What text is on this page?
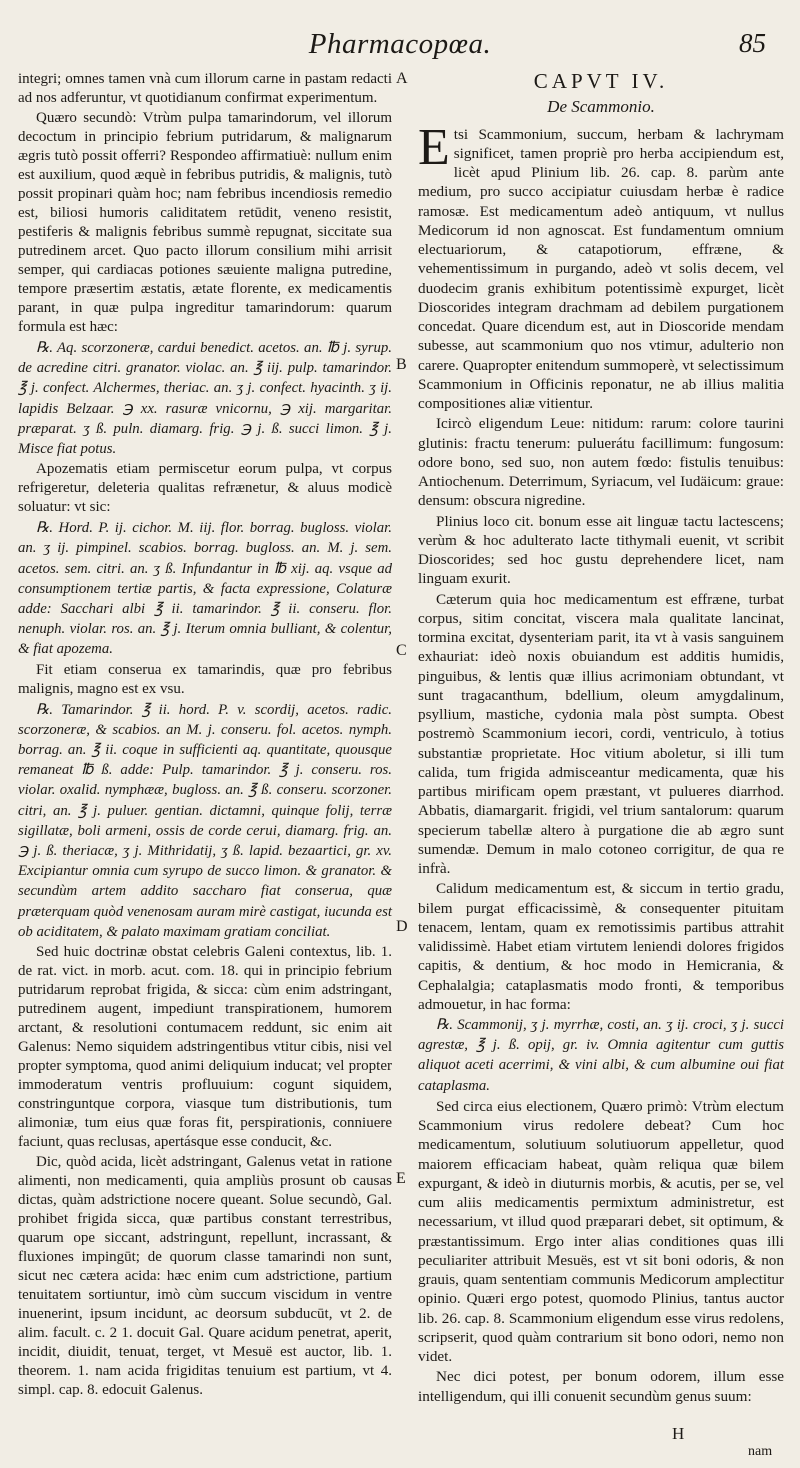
Pharmacopœa.	85
A
B
C
D
E

integri; omnes tamen vnà cum illorum carne in pastam redacti ad nos adferuntur, vt quotidianum confirmat experimentum.

Quæro secundò: Vtrùm pulpa tamarindorum, vel illorum decoctum in principio febrium putridarum, & malignarum ægris tutò possit offerri? Respondeo affirmatiuè: nullum enim est auxilium, quod æquè in febribus putridis, & malignis, tutò possit propinari quàm hoc; nam febribus incendiosis remedio est, biliosi humoris caliditatem retūdit, veneno resistit, pestiferis & malignis febribus summè repugnat, siccitate sua putredinem arcet. Quo pacto illorum consilium mihi arrisit semper, qui cardiacas potiones sæuiente maligna putredine, tempore præsertim æstatis, ætate florente, ex medicamentis parant, in quæ pulpa ingreditur tamarindorum: quarum formula est hæc:

℞. Aq. scorzoneræ, cardui benedict. acetos. an. ℔ j. syrup. de acredine citri. granator. violac. an. ℥ iij. pulp. tamarindor. ℥ j. confect. Alchermes, theriac. an. ʒ j. confect. hyacinth. ʒ ij. lapidis Belzaar. ℈ xx. rasuræ vnicornu, ℈ xij. margaritar. præparat. ʒ ß. puln. diamarg. frig. ℈ j. ß. succi limon. ℥ j. Misce fiat potus.

Apozematis etiam permiscetur eorum pulpa, vt corpus refrigeretur, deleteria qualitas refrænetur, & aluus modicè soluatur: vt sic:

℞. Hord. P. ij. cichor. M. iij. flor. borrag. bugloss. violar. an. ʒ ij. pimpinel. scabios. borrag. bugloss. an. M. j. sem. acetos. sem. citri. an. ʒ ß. Infundantur in ℔ xij. aq. vsque ad consumptionem tertiæ partis, & facta expressione, Colaturæ adde: Sacchari albi ℥ ii. tamarindor. ℥ ii. conseru. flor. nenuph. violar. ros. an. ℥ j. Iterum omnia bulliant, & colentur, & fiat apozema.

Fit etiam conserua ex tamarindis, quæ pro febribus malignis, magno est ex vsu.

℞. Tamarindor. ℥ ii. hord. P. v. scordij, acetos. radic. scorzoneræ, & scabios. an M. j. conseru. fol. acetos. nymph. borrag. an. ℥ ii. coque in sufficienti aq. quantitate, quousque remaneat ℔ ß. adde: Pulp. tamarindor. ℥ j. conseru. ros. violar. oxalid. nymphææ, bugloss. an. ℥ ß. conseru. scorzoner. citri, an. ℥ j. puluer. gentian. dictamni, quinque folij, terræ sigillatæ, boli armeni, ossis de corde cerui, diamarg. frig. an. ℈ j. ß. theriacæ, ʒ j. Mithridatij, ʒ ß. lapid. bezaartici, gr. xv. Excipiantur omnia cum syrupo de succo limon. & granator. & secundùm artem addito saccharo fiat conserua, quæ præterquam quòd venenosam auram mirè castigat, iucunda est ob aciditatem, & palato maximam gratiam conciliat.

Sed huic doctrinæ obstat celebris Galeni contextus, lib. 1. de rat. vict. in morb. acut. com. 18. qui in principio febrium putridarum reprobat frigida, & sicca: cùm enim adstringant, putredinem augent, impediunt transpirationem, humorem arctant, & resolutioni contumacem reddunt, sic enim ait Galenus: Nemo siquidem adstringentibus vtitur cibis, nisi vel propter symptoma, quod animi deliquium inducat; vel propter immoderatum ventris profluuium: cogunt siquidem, constringuntque corpora, viasque tum distributionis, tum alimoniæ, tum eius quæ foras fit, perspirationis, conniuere faciunt, quas reclusas, apertásque esse conducit, &c.

Dic, quòd acida, licèt adstringant, Galenus vetat in ratione alimenti, non medicamenti, quia ampliùs prosunt ob causas dictas, quàm adstrictione nocere queant. Solue secundò, Gal. prohibet frigida sicca, quæ partibus constant terrestribus, quarum ope siccant, adstringunt, repellunt, incrassant, & fluxiones impingūt; de quorum classe tamarindi non sunt, sicut nec cætera acida: hæc enim cum adstrictione, partium tenuitatem sortiuntur, imò cùm succum viscidum in ventre inuenerint, ipsum incidunt, ac deorsum subducūt, vt 2. de alim. facult. c. 2 1. docuit Gal. Quare acidum penetrat, aperit, incidit, diuidit, tenuat, terget, vt Mesuë est auctor, lib. 1. theorem. 1. nam acida frigiditas tenuium est partium, vt 4. simpl. cap. 8. edocuit Galenus.

CAPVT IV.
De Scammonio.

Etsi Scammonium, succum, herbam & lachrymam significet, tamen propriè pro herba accipiendum est, licèt apud Plinium lib. 26. cap. 8. parùm ante medium, pro succo accipiatur cuiusdam herbæ è radice ramosæ. Est medicamentum adeò antiquum, vt nullus Medicorum id non agnoscat. Est fundamentum omnium electuariorum, & catapotiorum, effræne, & vehementissimum in purgando, adeò vt solis decem, vel duodecim granis exhibitum potentissimè expurget, licèt Dioscorides integram drachmam ad debilem purgationem concedat. Quare dicendum est, aut in Dioscoride mendam subesse, aut scammonium quo nos vtimur, adulterio non carere. Quapropter enitendum summoperè, vt selectissimum Scammonium in Officinis reponatur, ne ab illius malitia compositiones aliæ vitientur.

Icircò eligendum Leue: nitidum: rarum: colore taurini glutinis: fractu tenerum: puluerátu facillimum: fungosum: odore bono, sed suo, non autem fœdo: fistulis tenuibus: Antiochenum. Deterrimum, Syriacum, vel Iudäicum: graue: densum: obscura nigredine.

Plinius loco cit. bonum esse ait linguæ tactu lactescens; verùm & hoc adulterato lacte tithymali euenit, vt scribit Dioscorides; sed hoc gustu deprehendere licet, nam linguam exurit.

Cæterum quia hoc medicamentum est effræne, turbat corpus, sitim concitat, viscera mala qualitate lancinat, tormina excitat, dysenteriam parit, ita vt à vasis sanguinem exhauriat: ideò noxis obuiandum est additis humidis, pinguibus, & lentis quæ illius acrimoniam obtundant, vt sunt tragacanthum, bdellium, oleum amygdalinum, psyllium, mastiche, cydonia mala pòst sumpta. Obest postremò Scammonium iecori, cordi, ventriculo, à totius substantiæ proprietate. Hoc vitium aboletur, si illi tum calida, tum frigida admisceantur medicamenta, quæ his partibus mirificam opem præstant, vt pulueres diarrhod. Abbatis, diamargarit. frigidi, vel trium santalorum: quarum specierum tabellæ altero à purgatione die ab ægro sunt sumendæ. Demum in malo cotoneo corrigitur, de qua re infrà.

Calidum medicamentum est, & siccum in tertio gradu, bilem purgat efficacissimè, & consequenter pituitam tenacem, lentam, quam ex remotissimis partibus attrahit validissimè. Habet etiam virtutem leniendi dolores frigidos capitis, & dentium, & hoc modo in Hemicrania, & Cephalalgia; cataplasmatis modo fronti, & temporibus admouetur, in hac forma:

℞. Scammonij, ʒ j. myrrhæ, costi, an. ʒ ij. croci, ʒ j. succi agrestæ, ℥ j. ß. opij, gr. iv. Omnia agitentur cum guttis aliquot aceti acerrimi, & vini albi, & cum albumine oui fiat cataplasma.

Sed circa eius electionem, Quæro primò: Vtrùm electum Scammonium virus redolere debeat? Cum hoc medicamentum, solutiuum solutiuorum appelletur, quod maiorem efficaciam habeat, quàm reliqua quæ bilem expurgant, & ideò in diuturnis morbis, & acutis, per se, vel cum aliis medicamentis permixtum administretur, est necessarium, vt illud quod præparari debet, sit optimum, & præstantissimum. Ergo inter alias conditiones quas illi peculiariter attribuit Mesuës, est vt sit boni odoris, & non grauis, quam sententiam communis Medicorum amplectitur opinio. Quæri ergo potest, quomodo Plinius, tantus auctor lib. 26. cap. 8. Scammonium eligendum esse virus redolens, scripserit, quod quàm contrarium sit bono odori, nemo non videt.

Nec dici potest, per bonum odorem, illum esse intelligendum, qui illi conuenit secundùm genus suum:

H
nam
